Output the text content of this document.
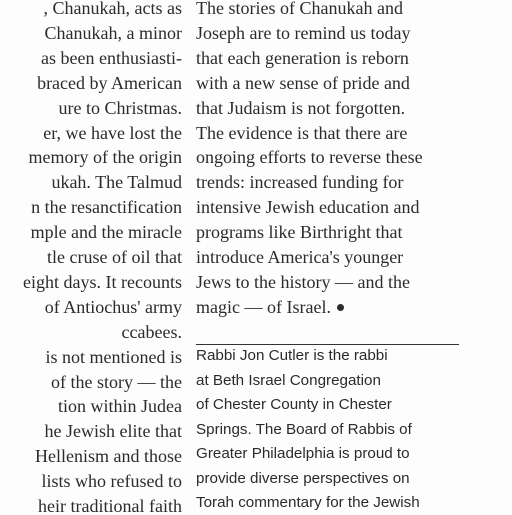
, Chanukah, acts as
Chanukah, a minor
as been enthusiasti-
braced by American
ure to Christmas.
er, we have lost the
memory of the origin
ukah. The Talmud
n the resanctification
mple and the miracle
tle cruse of oil that
eight days. It recounts
of Antiochus' army
ccabees.
is not mentioned is
of the story — the
tion within Judea
he Jewish elite that
Hellenism and those
lists who refused to
heir traditional faith
The stories of Chanukah and
Joseph are to remind us today
that each generation is reborn
with a new sense of pride and
that Judaism is not forgotten.
The evidence is that there are
ongoing efforts to reverse these
trends: increased funding for
intensive Jewish education and
programs like Birthright that
introduce America's younger
Jews to the history — and the
magic — of Israel.
Rabbi Jon Cutler is the rabbi
at Beth Israel Congregation
of Chester County in Chester
Springs. The Board of Rabbis of
Greater Philadelphia is proud to
provide diverse perspectives on
Torah commentary for the Jewish
